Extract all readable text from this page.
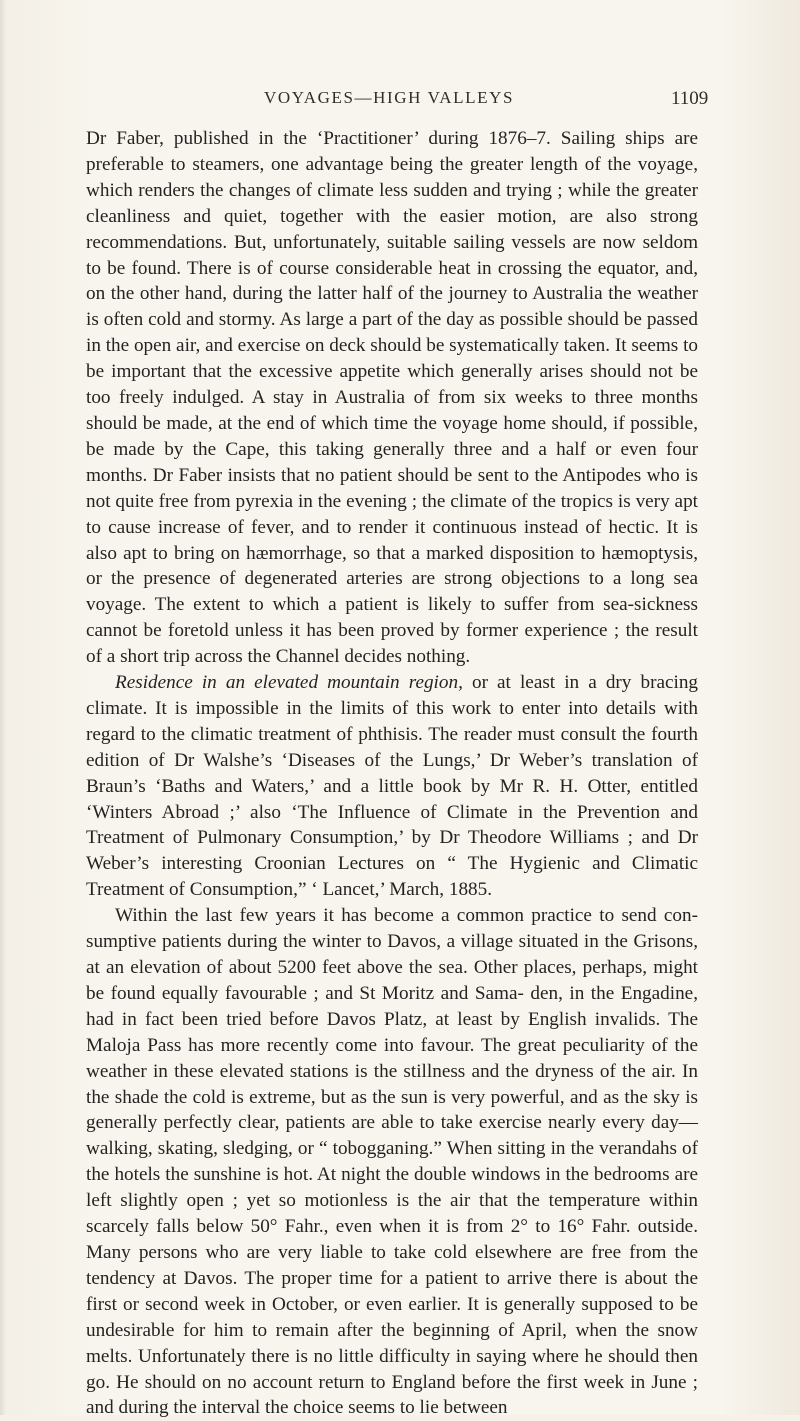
VOYAGES—HIGH VALLEYS	1109

Dr Faber, published in the ‘Practitioner’ during 1876–7. Sailing ships are preferable to steamers, one advantage being the greater length of the voyage, which renders the changes of climate less sudden and trying ; while the greater cleanliness and quiet, together with the easier motion, are also strong recommendations. But, unfortunately, suitable sailing vessels are now seldom to be found. There is of course considerable heat in crossing the equator, and, on the other hand, during the latter half of the journey to Australia the weather is often cold and stormy. As large a part of the day as possible should be passed in the open air, and exercise on deck should be systematically taken. It seems to be important that the excessive appetite which generally arises should not be too freely indulged. A stay in Australia of from six weeks to three months should be made, at the end of which time the voyage home should, if possible, be made by the Cape, this taking generally three and a half or even four months. Dr Faber insists that no patient should be sent to the Antipodes who is not quite free from pyrexia in the evening ; the climate of the tropics is very apt to cause increase of fever, and to render it continuous instead of hectic. It is also apt to bring on hæmorrhage, so that a marked disposition to hæmoptysis, or the presence of degenerated arteries are strong objections to a long sea voyage. The extent to which a patient is likely to suffer from sea-sickness cannot be foretold unless it has been proved by former experience ; the result of a short trip across the Channel decides nothing.

Residence in an elevated mountain region, or at least in a dry bracing climate. It is impossible in the limits of this work to enter into details with regard to the climatic treatment of phthisis. The reader must consult the fourth edition of Dr Walshe’s ‘Diseases of the Lungs,’ Dr Weber’s translation of Braun’s ‘Baths and Waters,’ and a little book by Mr R. H. Otter, entitled ‘Winters Abroad ;’ also ‘The Influence of Climate in the Prevention and Treatment of Pulmonary Consumption,’ by Dr Theodore Williams ; and Dr Weber’s interesting Croonian Lectures on “ The Hygienic and Climatic Treatment of Consumption,” ‘ Lancet,’ March, 1885.

Within the last few years it has become a common practice to send con- sumptive patients during the winter to Davos, a village situated in the Grisons, at an elevation of about 5200 feet above the sea. Other places, perhaps, might be found equally favourable ; and St Moritz and Sama- den, in the Engadine, had in fact been tried before Davos Platz, at least by English invalids. The Maloja Pass has more recently come into favour. The great peculiarity of the weather in these elevated stations is the stillness and the dryness of the air. In the shade the cold is extreme, but as the sun is very powerful, and as the sky is generally perfectly clear, patients are able to take exercise nearly every day—walking, skating, sledging, or “ tobogganing.” When sitting in the verandahs of the hotels the sunshine is hot. At night the double windows in the bedrooms are left slightly open ; yet so motionless is the air that the temperature within scarcely falls below 50° Fahr., even when it is from 2° to 16° Fahr. outside. Many persons who are very liable to take cold elsewhere are free from the tendency at Davos. The proper time for a patient to arrive there is about the first or second week in October, or even earlier. It is generally supposed to be undesirable for him to remain after the beginning of April, when the snow melts. Unfortunately there is no little difficulty in saying where he should then go. He should on no account return to England before the first week in June ; and during the interval the choice seems to lie between
